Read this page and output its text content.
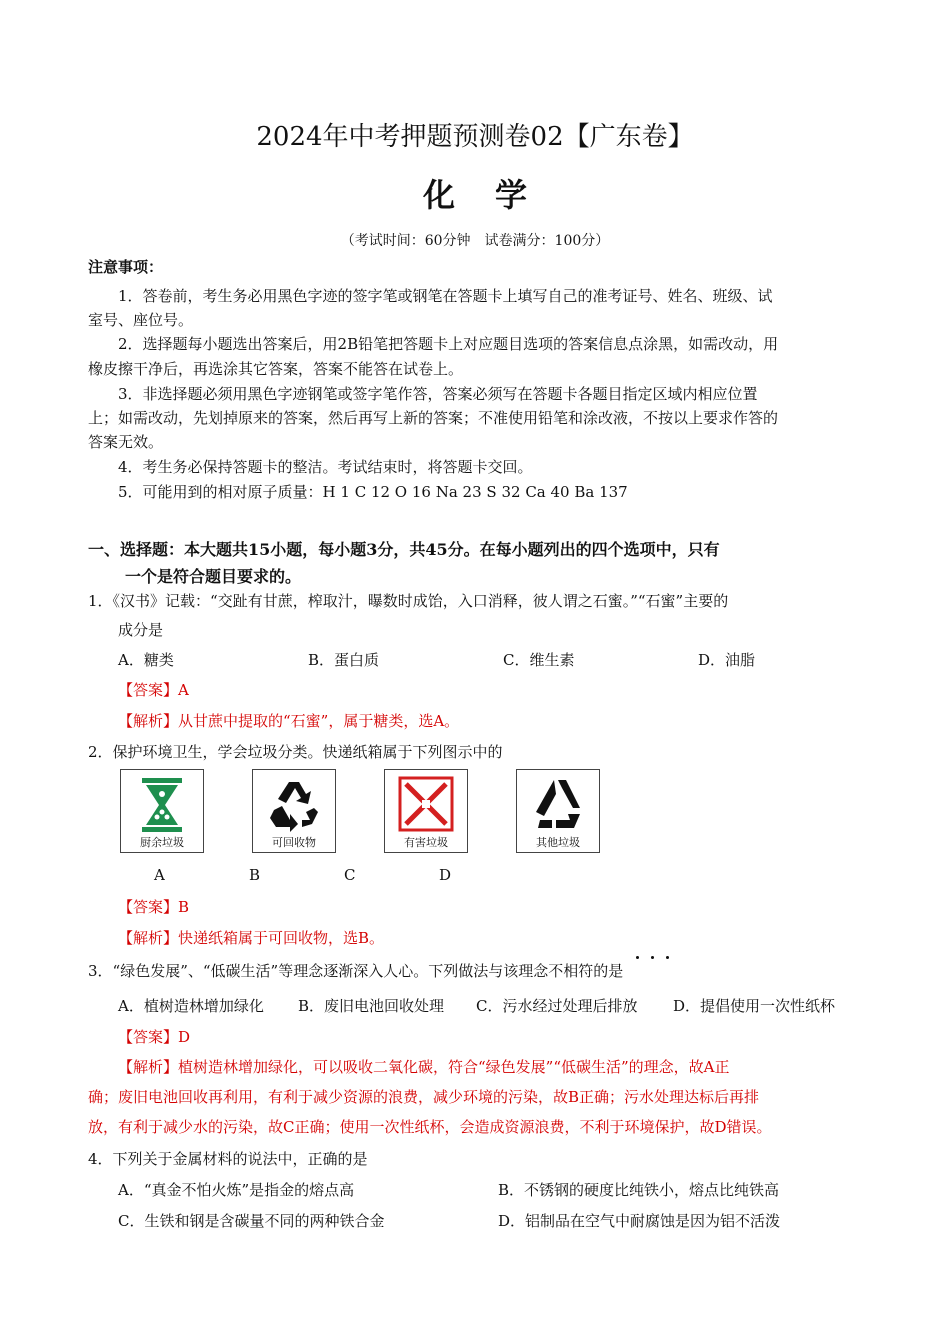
2024年中考押题预测卷02【广东卷】
化学
（考试时间：60分钟　试卷满分：100分）
注意事项：
1．答卷前，考生务必用黑色字迹的签字笔或钢笔在答题卡上填写自己的准考证号、姓名、班级、试
室号、座位号。
2．选择题每小题选出答案后，用2B铅笔把答题卡上对应题目选项的答案信息点涂黑，如需改动，用
橡皮擦干净后，再选涂其它答案，答案不能答在试卷上。
3．非选择题必须用黑色字迹钢笔或签字笔作答，答案必须写在答题卡各题目指定区域内相应位置
上；如需改动，先划掉原来的答案，然后再写上新的答案；不准使用铅笔和涂改液，不按以上要求作答的
答案无效。
4．考生务必保持答题卡的整洁。考试结束时，将答题卡交回。
5．可能用到的相对原子质量：H 1 C 12 O 16 Na 23 S 32 Ca 40 Ba 137
一、选择题：本大题共15小题，每小题3分，共45分。在每小题列出的四个选项中，只有
一个是符合题目要求的。
1．《汉书》记载：“交趾有甘蔗，榨取汁，曝数时成饴，入口消释，彼人谓之石蜜。”“石蜜”主要的
成分是
A．糖类	B．蛋白质	C．维生素	D．油脂
【答案】A
【解析】从甘蔗中提取的“石蜜”，属于糖类，选A。
2．保护环境卫生，学会垃圾分类。快递纸箱属于下列图示中的
厨余垃圾	可回收物	有害垃圾	其他垃圾
A	B	C	D
【答案】B
【解析】快递纸箱属于可回收物，选B。
3．“绿色发展”、“低碳生活”等理念逐渐深入人心。下列做法与该理念不相符的是
A．植树造林增加绿化 B．废旧电池回收处理 C．污水经过处理后排放 D．提倡使用一次性纸杯
【答案】D
【解析】植树造林增加绿化，可以吸收二氧化碳，符合“绿色发展”“低碳生活”的理念，故A正
确；废旧电池回收再利用，有利于减少资源的浪费，减少环境的污染，故B正确；污水处理达标后再排
放，有利于减少水的污染，故C正确；使用一次性纸杯，会造成资源浪费，不利于环境保护，故D错误。
4．下列关于金属材料的说法中，正确的是
A．“真金不怕火炼”是指金的熔点高	B．不锈钢的硬度比纯铁小，熔点比纯铁高
C．生铁和钢是含碳量不同的两种铁合金	D．铝制品在空气中耐腐蚀是因为铝不活泼
